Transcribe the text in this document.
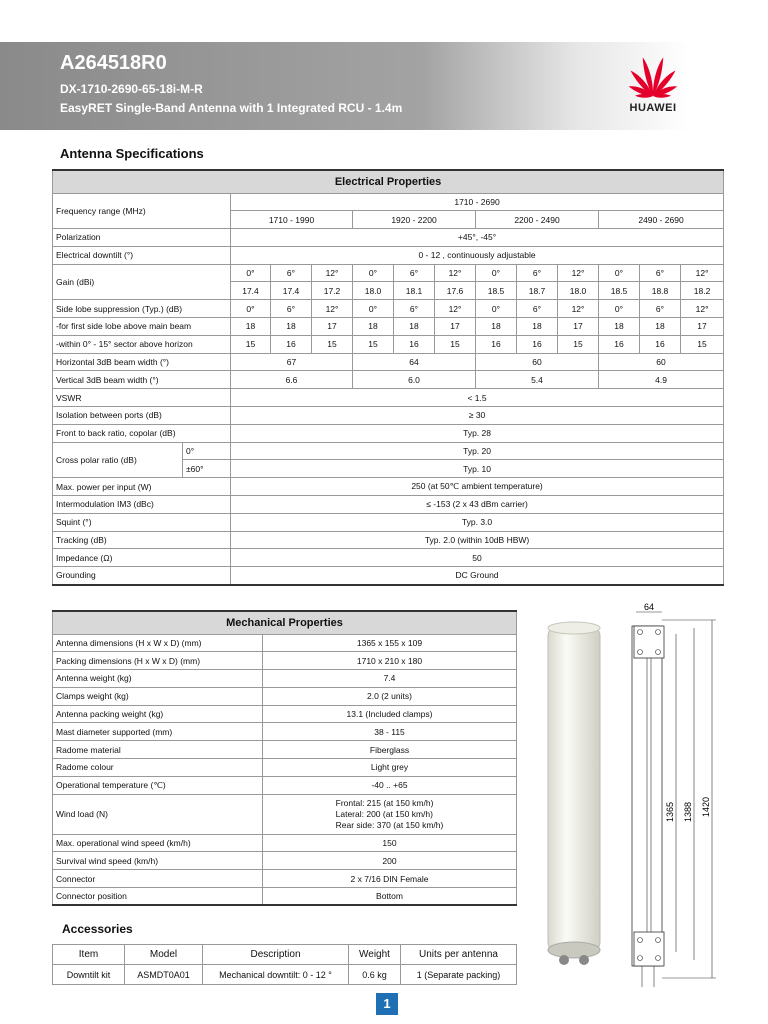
A264518R0
DX-1710-2690-65-18i-M-R
EasyRET Single-Band Antenna with 1 Integrated RCU - 1.4m	HUAWEI
Antenna Specifications
Electrical Properties													
Frequency range (MHz)		1710 - 2690											
		1710 - 1990			1920 - 2200			2200 - 2490			2490 - 2690		
Polarization		+45°, -45°											
Electrical downtilt (°)		0 - 12 , continuously adjustable											
Gain (dBi)		0°	6°	12°	0°	6°	12°	0°	6°	12°	0°	6°	12°
		17.4	17.4	17.2	18.0	18.1	17.6	18.5	18.7	18.0	18.5	18.8	18.2
Side lobe suppression (Typ.) (dB)		0°	6°	12°	0°	6°	12°	0°	6°	12°	0°	6°	12°
-for first side lobe above main beam		18	18	17	18	18	17	18	18	17	18	18	17
-within 0° - 15° sector above horizon		15	16	15	15	16	15	16	16	15	16	16	15
Horizontal 3dB beam width (°)		67			64			60			60		
Vertical 3dB beam width (°)		6.6			6.0			5.4			4.9		
VSWR		< 1.5											
Isolation between ports (dB)		≥ 30											
Front to back ratio, copolar (dB)		Typ. 28											
Cross polar ratio (dB)	0°	Typ. 20											
	±60°	Typ. 10											
Max. power per input (W)		250 (at 50℃ ambient temperature)											
Intermodulation IM3 (dBc)		≤ -153 (2 x 43 dBm carrier)											
Squint (°)		Typ. 3.0											
Tracking (dB)		Typ. 2.0 (within 10dB HBW)											
Impedance (Ω)		50											
Grounding		DC Ground											
Mechanical Properties	
Antenna dimensions (H x W x D) (mm)	1365 x 155 x 109
Packing dimensions (H x W x D) (mm)	1710 x 210 x 180
Antenna weight (kg)	7.4
Clamps weight (kg)	2.0 (2 units)
Antenna packing weight (kg)	13.1 (Included clamps)
Mast diameter supported (mm)	38 - 115
Radome material	Fiberglass
Radome colour	Light grey
Operational temperature (℃)	-40 .. +65
Wind load (N)	Frontal: 215 (at 150 km/h)
Lateral: 200 (at 150 km/h)
Rear side: 370 (at 150 km/h)

Max. operational wind speed (km/h)	150
Survival wind speed (km/h)	200
Connector	2 x 7/16 DIN Female
Connector position	Bottom
Accessories
Item	Model	Description	Weight	Units per antenna
Downtilt kit	ASMDT0A01	Mechanical downtilt: 0 - 12 °	0.6 kg	1 (Separate packing)
64
1365 1388 1420
1
